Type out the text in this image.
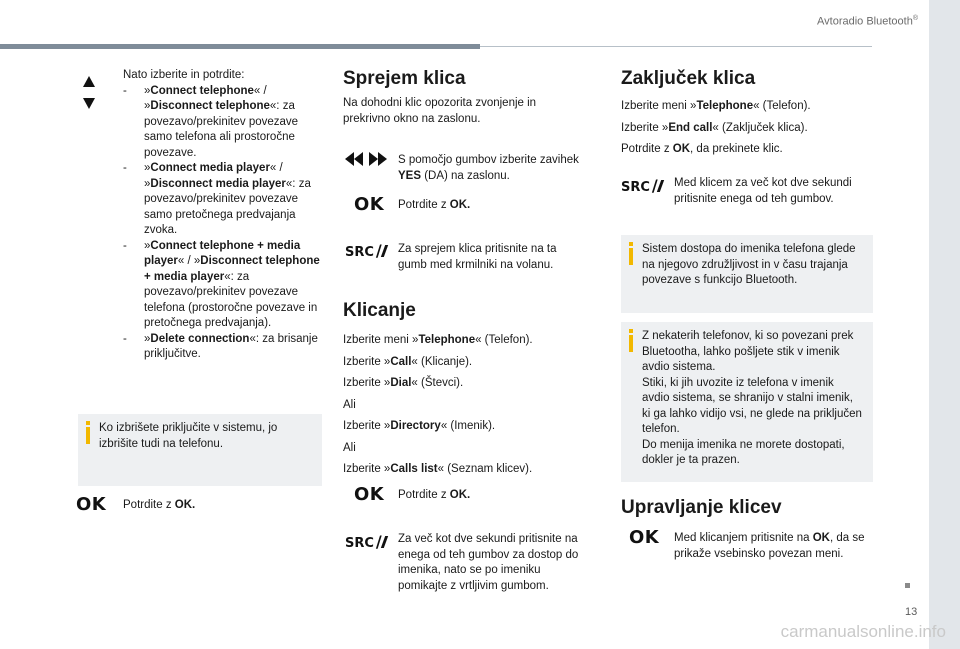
Avtoradio Bluetooth®
13
carmanualsonline.info

Nato izberite in potrdite:

-	»Connect telephone« / »Disconnect telephone«: za povezavo/prekinitev povezave samo telefona ali prostoročne povezave.
-	»Connect media player« / »Disconnect media player«: za povezavo/prekinitev povezave samo pretočnega predvajanja zvoka.
-	»Connect telephone + media player« / »Disconnect telephone + media player«: za povezavo/prekinitev povezave telefona (prostoročne povezave in pretočnega predvajanja).
-	»Delete connection«: za brisanje priključitve.

Ko izbrišete priključite v sistemu, jo izbrišite tudi na telefonu.

OK Potrdite z OK.

Sprejem klica

Na dohodni klic opozorita zvonjenje in prekrivno okno na zaslonu.

S pomočjo gumbov izberite zavihek YES (DA) na zaslonu.

OK Potrdite z OK.

SRC /	Za sprejem klica pritisnite na ta gumb med krmilniki na volanu.

Klicanje

Izberite meni »Telephone« (Telefon).

Izberite »Call« (Klicanje).

Izberite »Dial« (Števci).

Ali

Izberite »Directory« (Imenik).

Ali

Izberite »Calls list« (Seznam klicev).

OK Potrdite z OK.

SRC /	Za več kot dve sekundi pritisnite na enega od teh gumbov za dostop do imenika, nato se po imeniku pomikajte z vrtljivim gumbom.

Zaključek klica

Izberite meni »Telephone« (Telefon).

Izberite »End call« (Zaključek klica).

Potrdite z OK, da prekinete klic.

SRC /	Med klicem za več kot dve sekundi pritisnite enega od teh gumbov.

Sistem dostopa do imenika telefona glede na njegovo združljivost in v času trajanja povezave s funkcijo Bluetooth.

Z nekaterih telefonov, ki so povezani prek Bluetootha, lahko pošljete stik v imenik avdio sistema.
Stiki, ki jih uvozite iz telefona v imenik avdio sistema, se shranijo v stalni imenik, ki ga lahko vidijo vsi, ne glede na priključen telefon.
Do menija imenika ne morete dostopati, dokler je ta prazen.

Upravljanje klicev
OK Med klicanjem pritisnite na OK, da se prikaže vsebinsko povezan meni.
